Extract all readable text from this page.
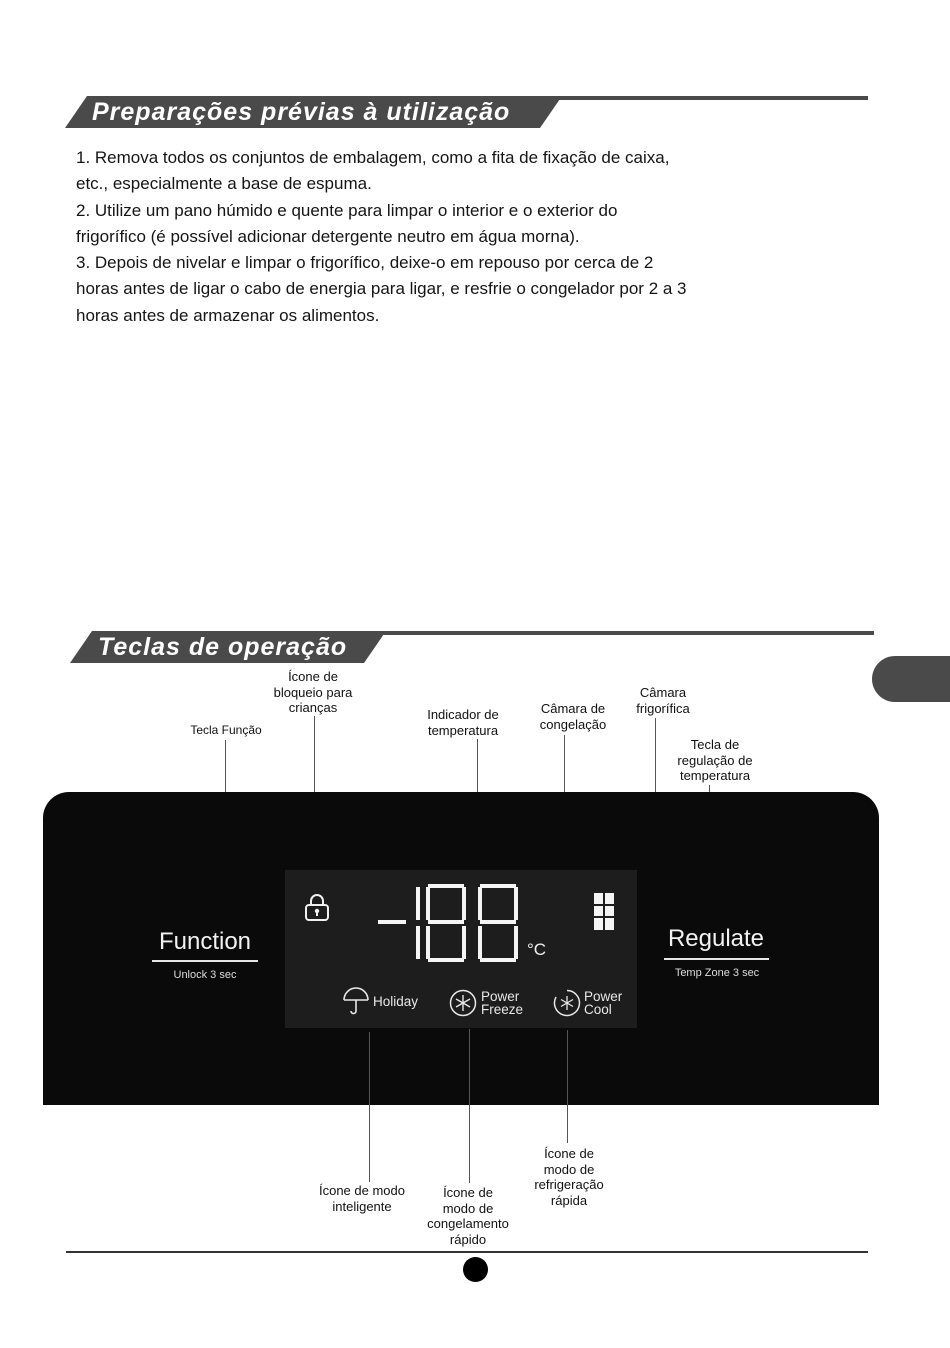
Preparações prévias à utilização

1. Remova todos os conjuntos de embalagem, como a fita de fixação de caixa,

etc., especialmente a base de espuma.

2. Utilize um pano húmido e quente para limpar o interior e o exterior do

frigorífico (é possível adicionar detergente neutro em água morna).

3. Depois de nivelar e limpar o frigorífico, deixe-o em repouso por cerca de 2

horas antes de ligar o cabo de energia para ligar, e resfrie o congelador por 2 a 3

horas antes de armazenar os alimentos.

Teclas de operação
Tecla Função
Ícone de
bloqueio para
crianças	Indicador de
temperatura
Câmara de
congelação
Câmara
frigorífica
Tecla de
regulação de
temperatura
Function
Unlock 3 sec
Regulate
Temp Zone 3 sec
°C
Holiday	Power
Freeze
Power
Cool
Ícone de modo
inteligente
Ícone de
modo de
congelamento
rápido
Ícone de
modo de
refrigeração
rápida
